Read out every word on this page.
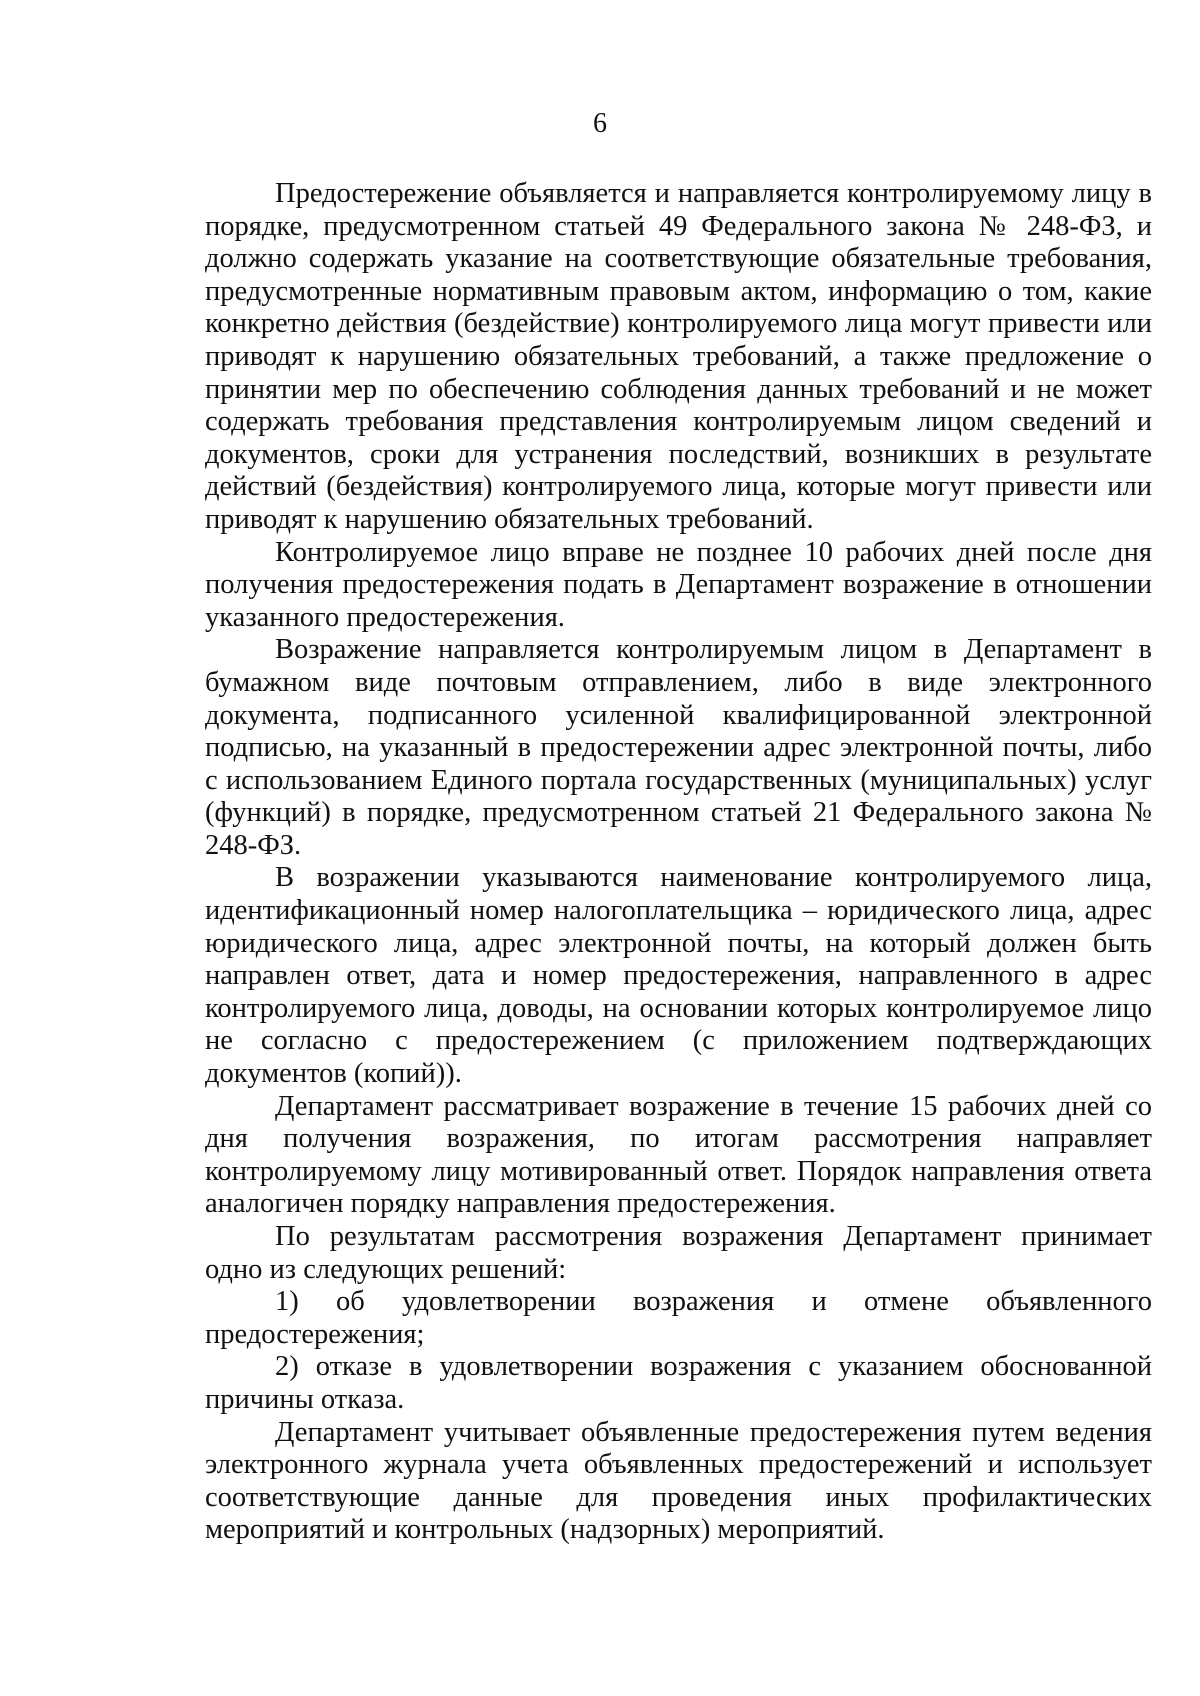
6

Предостережение объявляется и направляется контролируемому лицу в порядке, предусмотренном статьей 49 Федерального закона № 248-ФЗ, и должно содержать указание на соответствующие обязательные требования, предусмотренные нормативным правовым актом, информацию о том, какие конкретно действия (бездействие) контролируемого лица могут привести или приводят к нарушению обязательных требований, а также предложение о принятии мер по обеспечению соблюдения данных требований и не может содержать требования представления контролируемым лицом сведений и документов, сроки для устранения последствий, возникших в результате действий (бездействия) контролируемого лица, которые могут привести или приводят к нарушению обязательных требований.

Контролируемое лицо вправе не позднее 10 рабочих дней после дня получения предостережения подать в Департамент возражение в отношении указанного предостережения.

Возражение направляется контролируемым лицом в Департамент в бумажном виде почтовым отправлением, либо в виде электронного документа, подписанного усиленной квалифицированной электронной подписью, на указанный в предостережении адрес электронной почты, либо с использованием Единого портала государственных (муниципальных) услуг (функций) в порядке, предусмотренном статьей 21 Федерального закона № 248-ФЗ.

В возражении указываются наименование контролируемого лица, идентификационный номер налогоплательщика – юридического лица, адрес юридического лица, адрес электронной почты, на который должен быть направлен ответ, дата и номер предостережения, направленного в адрес контролируемого лица, доводы, на основании которых контролируемое лицо не согласно с предостережением (с приложением подтверждающих документов (копий)).

Департамент рассматривает возражение в течение 15 рабочих дней со дня получения возражения, по итогам рассмотрения направляет контролируемому лицу мотивированный ответ. Порядок направления ответа аналогичен порядку направления предостережения.

По результатам рассмотрения возражения Департамент принимает одно из следующих решений:

1) об удовлетворении возражения и отмене объявленного предостережения;

2) отказе в удовлетворении возражения с указанием обоснованной причины отказа.

Департамент учитывает объявленные предостережения путем ведения электронного журнала учета объявленных предостережений и использует соответствующие данные для проведения иных профилактических мероприятий и контрольных (надзорных) мероприятий.
